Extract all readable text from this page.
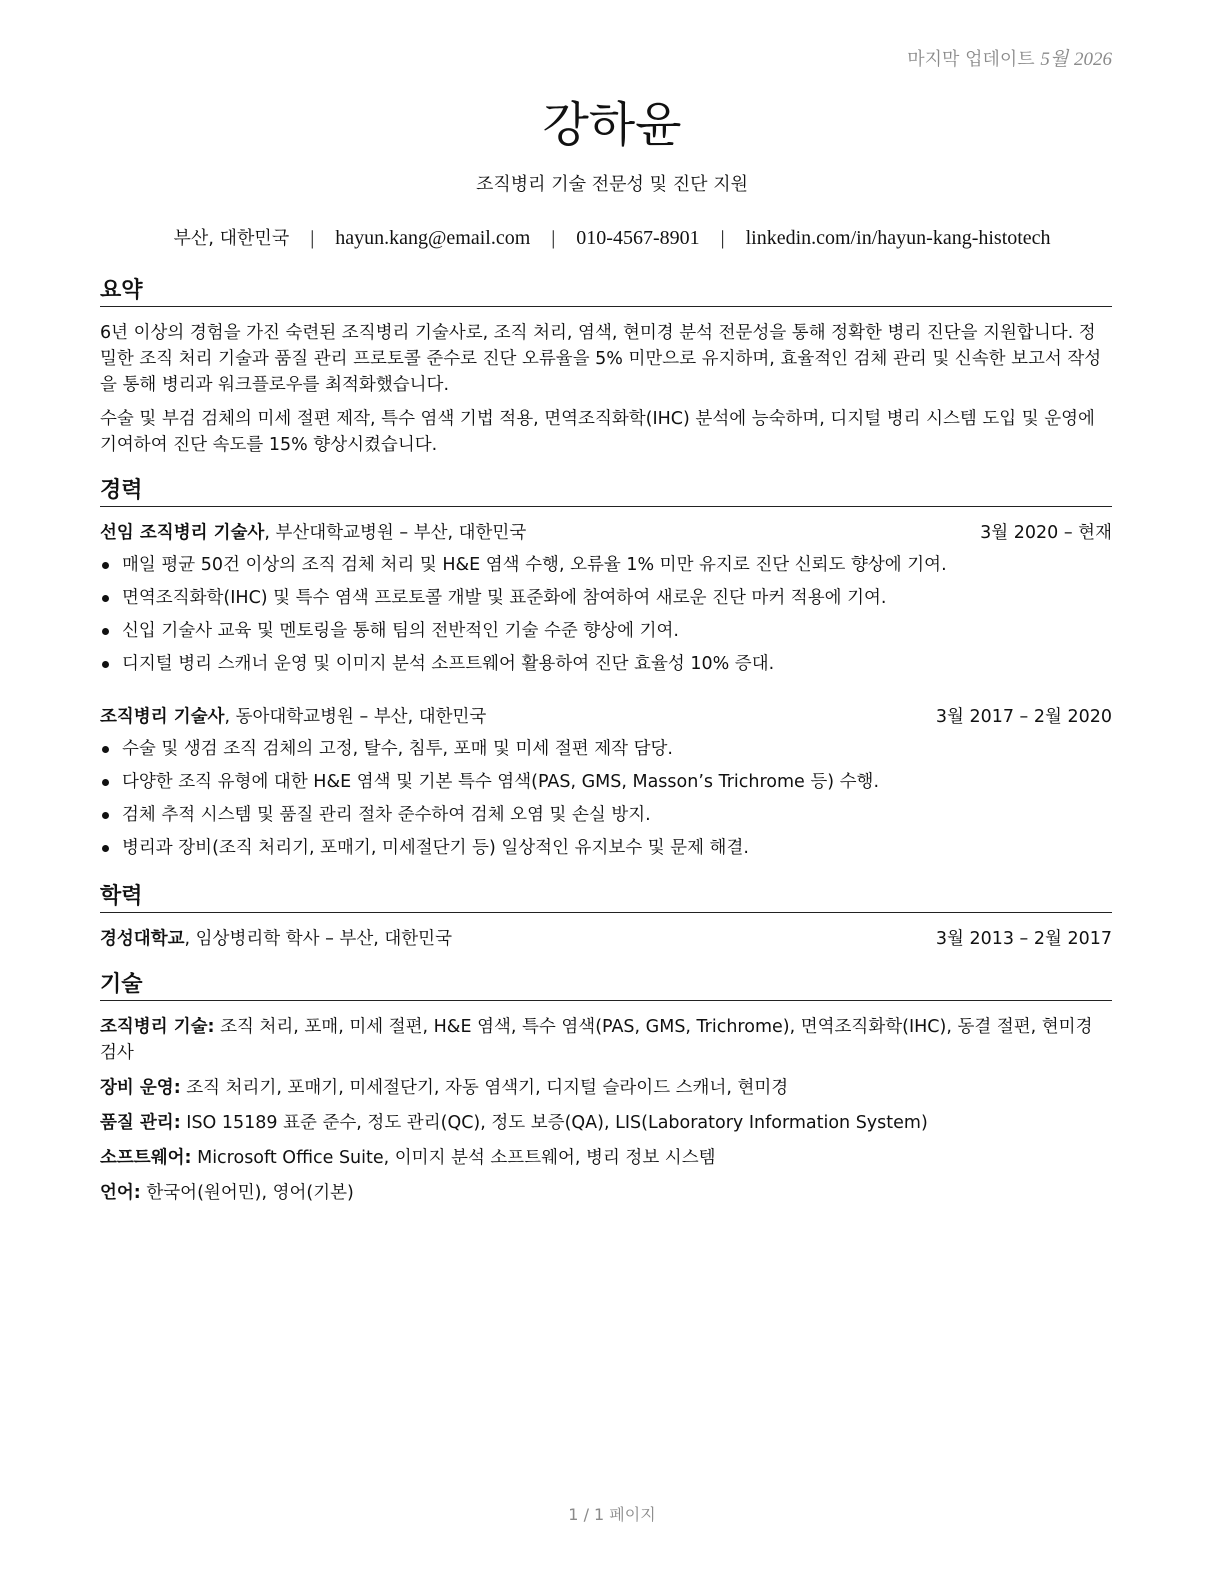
마지막 업데이트 5월 2026
강하윤
조직병리 기술 전문성 및 진단 지원
부산, 대한민국 | hayun.kang@email.com | 010-4567-8901 | linkedin.com/in/hayun-kang-histotech
요약

6년 이상의 경험을 가진 숙련된 조직병리 기술사로, 조직 처리, 염색, 현미경 분석 전문성을 통해 정확한 병리 진단을 지원합니다. 정밀한 조직 처리 기술과 품질 관리 프로토콜 준수로 진단 오류율을 5% 미만으로 유지하며, 효율적인 검체 관리 및 신속한 보고서 작성을 통해 병리과 워크플로우를 최적화했습니다.

수술 및 부검 검체의 미세 절편 제작, 특수 염색 기법 적용, 면역조직화학(IHC) 분석에 능숙하며, 디지털 병리 시스템 도입 및 운영에 기여하여 진단 속도를 15% 향상시켰습니다.

경력
선임 조직병리 기술사, 부산대학교병원 – 부산, 대한민국	3월 2020 – 현재
매일 평균 50건 이상의 조직 검체 처리 및 H&E 염색 수행, 오류율 1% 미만 유지로 진단 신뢰도 향상에 기여.
면역조직화학(IHC) 및 특수 염색 프로토콜 개발 및 표준화에 참여하여 새로운 진단 마커 적용에 기여.
신입 기술사 교육 및 멘토링을 통해 팀의 전반적인 기술 수준 향상에 기여.
디지털 병리 스캐너 운영 및 이미지 분석 소프트웨어 활용하여 진단 효율성 10% 증대.
조직병리 기술사, 동아대학교병원 – 부산, 대한민국	3월 2017 – 2월 2020
수술 및 생검 조직 검체의 고정, 탈수, 침투, 포매 및 미세 절편 제작 담당.
다양한 조직 유형에 대한 H&E 염색 및 기본 특수 염색(PAS, GMS, Masson’s Trichrome 등) 수행.
검체 추적 시스템 및 품질 관리 절차 준수하여 검체 오염 및 손실 방지.
병리과 장비(조직 처리기, 포매기, 미세절단기 등) 일상적인 유지보수 및 문제 해결.
학력
경성대학교, 임상병리학 학사 – 부산, 대한민국	3월 2013 – 2월 2017
기술
조직병리 기술: 조직 처리, 포매, 미세 절편, H&E 염색, 특수 염색(PAS, GMS, Trichrome), 면역조직화학(IHC), 동결 절편, 현미경 검사
장비 운영: 조직 처리기, 포매기, 미세절단기, 자동 염색기, 디지털 슬라이드 스캐너, 현미경
품질 관리: ISO 15189 표준 준수, 정도 관리(QC), 정도 보증(QA), LIS(Laboratory Information System)
소프트웨어: Microsoft Office Suite, 이미지 분석 소프트웨어, 병리 정보 시스템
언어: 한국어(원어민), 영어(기본)
1 / 1 페이지
